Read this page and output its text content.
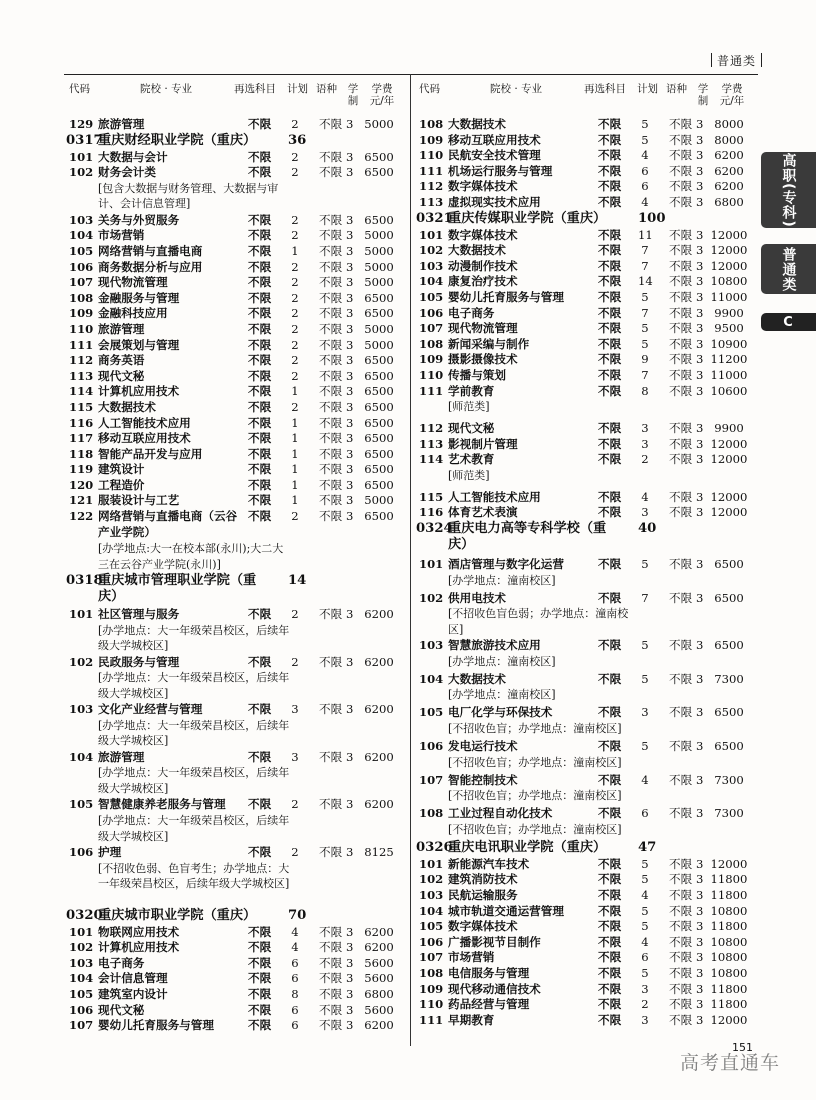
普通类
代码	院校 · 专业	再选科目 计划 语种 学
制
学费
元/年
129 旅游管理	不限 2 不限 3 5000
0317
重庆财经职业学院（重庆）	36
101 大数据与会计	不限 2 不限 3 6500
102 财务会计类	不限 2 不限 3 6500
[包含大数据与财务管理、大数据与审计、会计信息管理]
103 关务与外贸服务	不限 2 不限 3 6500
104 市场营销	不限 2 不限 3 5000
105 网络营销与直播电商	不限 1 不限 3 5000
106 商务数据分析与应用	不限 2 不限 3 5000
107 现代物流管理	不限 2 不限 3 5000
108 金融服务与管理	不限 2 不限 3 6500
109 金融科技应用	不限 2 不限 3 6500
110 旅游管理	不限 2 不限 3 5000
111 会展策划与管理	不限 2 不限 3 5000
112 商务英语	不限 2 不限 3 6500
113 现代文秘	不限 2 不限 3 6500
114 计算机应用技术	不限 1 不限 3 6500
115 大数据技术	不限 2 不限 3 6500
116 人工智能技术应用	不限 1 不限 3 6500
117 移动互联应用技术	不限 1 不限 3 6500
118 智能产品开发与应用	不限 1 不限 3 6500
119 建筑设计	不限 1 不限 3 6500
120 工程造价	不限 1 不限 3 6500
121 服装设计与工艺	不限 1 不限 3 5000
122 网络营销与直播电商（云谷产业学院）
不限 2 不限 3 6500
[办学地点:大一在校本部(永川);大二大三在云谷产业学院(永川)]
0318
重庆城市管理职业学院（重庆）
14
101 社区管理与服务	不限 2 不限 3 6200
[办学地点：大一年级荣昌校区，后续年级大学城校区]
102 民政服务与管理	不限 2 不限 3 6200
[办学地点：大一年级荣昌校区，后续年级大学城校区]
103 文化产业经营与管理	不限 3 不限 3 6200
[办学地点：大一年级荣昌校区，后续年级大学城校区]
104 旅游管理	不限 3 不限 3 6200
[办学地点：大一年级荣昌校区，后续年级大学城校区]
105 智慧健康养老服务与管理 不限 2 不限 3 6200
[办学地点：大一年级荣昌校区，后续年级大学城校区]
106 护理	不限 2 不限 3 8125
[不招收色弱、色盲考生；办学地点：大一年级荣昌校区，后续年级大学城校区]
0320
重庆城市职业学院（重庆）	70
101 物联网应用技术	不限 4 不限 3 6200
102 计算机应用技术	不限 4 不限 3 6200
103 电子商务	不限 6 不限 3 5600
104 会计信息管理	不限 6 不限 3 5600
105 建筑室内设计	不限 8 不限 3 6800
106 现代文秘	不限 6 不限 3 5600
107 婴幼儿托育服务与管理	不限 6 不限 3 6200
代码	院校 · 专业	再选科目 计划 语种 学
制
学费
元/年
108 大数据技术	不限 5 不限 3 8000
109 移动互联应用技术	不限 5 不限 3 8000
110 民航安全技术管理	不限 4 不限 3 6200
111 机场运行服务与管理	不限 6 不限 3 6200
112 数字媒体技术	不限 6 不限 3 6200
113 虚拟现实技术应用	不限 4 不限 3 6800
0321
重庆传媒职业学院（重庆）	100
101 数字媒体技术	不限 11 不限 3 12000
102 大数据技术	不限 7 不限 3 12000
103 动漫制作技术	不限 7 不限 3 12000
104 康复治疗技术	不限 14 不限 3 10800
105 婴幼儿托育服务与管理	不限 5 不限 3 11000
106 电子商务	不限 7 不限 3 9900
107 现代物流管理	不限 5 不限 3 9500
108 新闻采编与制作	不限 5 不限 3 10900
109 摄影摄像技术	不限 9 不限 3 11200
110 传播与策划	不限 7 不限 3 11000
111 学前教育	不限 8 不限 3 10600
[师范类]
112 现代文秘	不限 3 不限 3 9900
113 影视制片管理	不限 3 不限 3 12000
114 艺术教育	不限 2 不限 3 12000
[师范类]
115 人工智能技术应用	不限 4 不限 3 12000
116 体育艺术表演	不限 3 不限 3 12000
0324
重庆电力高等专科学校（重庆）
40
101 酒店管理与数字化运营	不限 5 不限 3 6500
[办学地点：潼南校区]
102 供用电技术	不限 7 不限 3 6500
[不招收色盲色弱；办学地点：潼南校区]
103 智慧旅游技术应用	不限 5 不限 3 6500
[办学地点：潼南校区]
104 大数据技术	不限 5 不限 3 7300
[办学地点：潼南校区]
105 电厂化学与环保技术	不限 3 不限 3 6500
[不招收色盲；办学地点：潼南校区]
106 发电运行技术	不限 5 不限 3 6500
[不招收色盲；办学地点：潼南校区]
107 智能控制技术	不限 4 不限 3 7300
[不招收色盲；办学地点：潼南校区]
108 工业过程自动化技术	不限 6 不限 3 7300
[不招收色盲；办学地点：潼南校区]
0326
重庆电讯职业学院（重庆）	47
101 新能源汽车技术	不限 5 不限 3 12000
102 建筑消防技术	不限 5 不限 3 11800
103 民航运输服务	不限 4 不限 3 11800
104 城市轨道交通运营管理	不限 5 不限 3 10800
105 数字媒体技术	不限 5 不限 3 11800
106 广播影视节目制作	不限 4 不限 3 10800
107 市场营销	不限 6 不限 3 10800
108 电信服务与管理	不限 5 不限 3 10800
109 现代移动通信技术	不限 3 不限 3 11800
110 药品经营与管理	不限 2 不限 3 11800
111 早期教育	不限 3 不限 3 12000
高职(专科)
普通类
C
151
高考直通车
